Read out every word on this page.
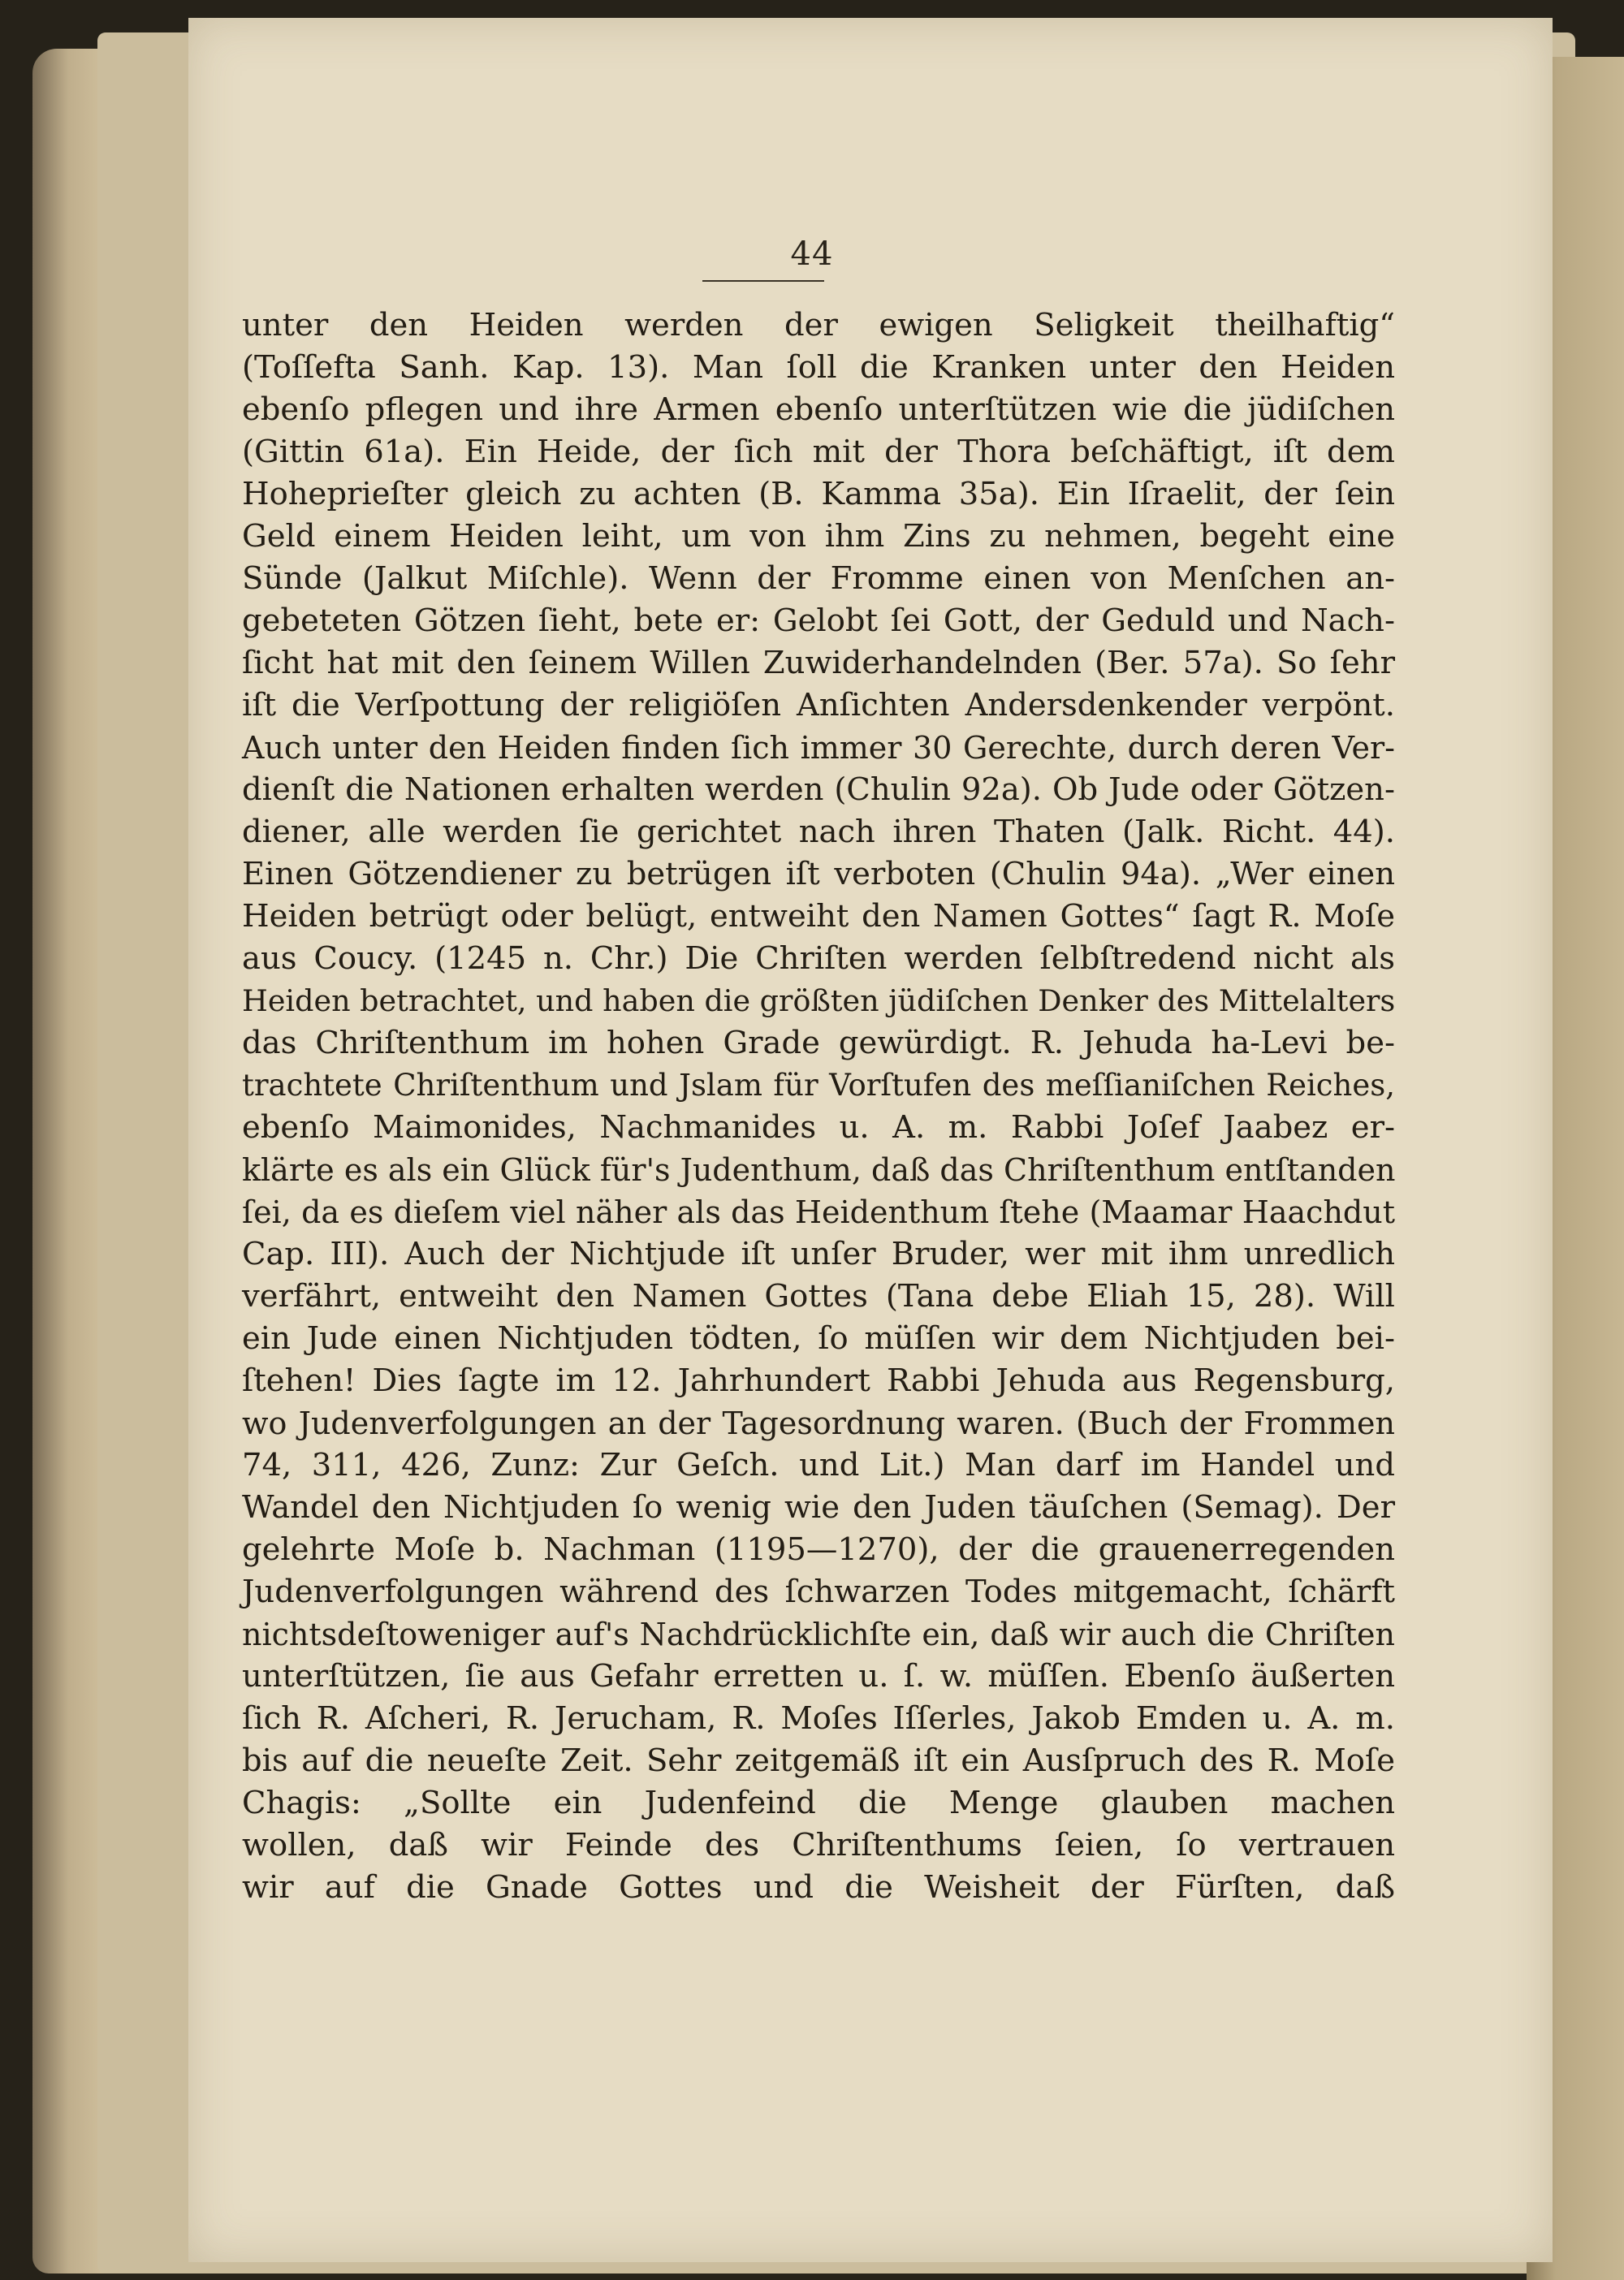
44
unter den Heiden werden der ewigen Seligkeit theilhaftig“
(Toſſefta Sanh. Kap. 13). Man ſoll die Kranken unter den Heiden
ebenſo pflegen und ihre Armen ebenſo unterſtützen wie die jüdiſchen
(Gittin 61a). Ein Heide, der ſich mit der Thora beſchäftigt, iſt dem
Hoheprieſter gleich zu achten (B. Kamma 35a). Ein Iſraelit, der ſein
Geld einem Heiden leiht, um von ihm Zins zu nehmen, begeht eine
Sünde (Jalkut Miſchle). Wenn der Fromme einen von Menſchen an-
gebeteten Götzen ſieht, bete er: Gelobt ſei Gott, der Geduld und Nach-
ſicht hat mit den ſeinem Willen Zuwiderhandelnden (Ber. 57a). So ſehr
iſt die Verſpottung der religiöſen Anſichten Andersdenkender verpönt.
Auch unter den Heiden finden ſich immer 30 Gerechte, durch deren Ver-
dienſt die Nationen erhalten werden (Chulin 92a). Ob Jude oder Götzen-
diener, alle werden ſie gerichtet nach ihren Thaten (Jalk. Richt. 44).
Einen Götzendiener zu betrügen iſt verboten (Chulin 94a). „Wer einen
Heiden betrügt oder belügt, entweiht den Namen Gottes“ ſagt R. Moſe
aus Coucy. (1245 n. Chr.) Die Chriſten werden ſelbſtredend nicht als
Heiden betrachtet, und haben die größten jüdiſchen Denker des Mittelalters
das Chriſtenthum im hohen Grade gewürdigt. R. Jehuda ha-Levi be-
trachtete Chriſtenthum und Jslam für Vorſtufen des meſſianiſchen Reiches,
ebenſo Maimonides, Nachmanides u. A. m. Rabbi Joſef Jaabez er-
klärte es als ein Glück für's Judenthum, daß das Chriſtenthum entſtanden
ſei, da es dieſem viel näher als das Heidenthum ſtehe (Maamar Haachdut
Cap. III). Auch der Nichtjude iſt unſer Bruder, wer mit ihm unredlich
verfährt, entweiht den Namen Gottes (Tana debe Eliah 15, 28). Will
ein Jude einen Nichtjuden tödten, ſo müſſen wir dem Nichtjuden bei-
ſtehen! Dies ſagte im 12. Jahrhundert Rabbi Jehuda aus Regensburg,
wo Judenverfolgungen an der Tagesordnung waren. (Buch der Frommen
74, 311, 426, Zunz: Zur Geſch. und Lit.) Man darf im Handel und
Wandel den Nichtjuden ſo wenig wie den Juden täuſchen (Semag). Der
gelehrte Moſe b. Nachman (1195—1270), der die grauenerregenden
Judenverfolgungen während des ſchwarzen Todes mitgemacht, ſchärft
nichtsdeſtoweniger auf's Nachdrücklichſte ein, daß wir auch die Chriſten
unterſtützen, ſie aus Gefahr erretten u. ſ. w. müſſen. Ebenſo äußerten
ſich R. Aſcheri, R. Jerucham, R. Moſes Iſſerles, Jakob Emden u. A. m.
bis auf die neueſte Zeit. Sehr zeitgemäß iſt ein Ausſpruch des R. Moſe
Chagis: „Sollte ein Judenfeind die Menge glauben machen
wollen, daß wir Feinde des Chriſtenthums ſeien, ſo vertrauen
wir auf die Gnade Gottes und die Weisheit der Fürſten, daß
